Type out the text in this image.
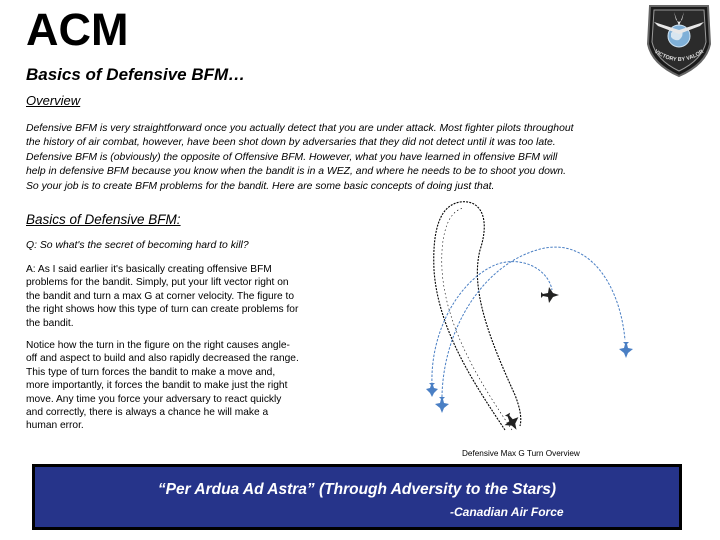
ACM
Basics of Defensive BFM…
VICTORY BY VALOR
Overview
Defensive BFM is very straightforward once you actually detect that you are under attack. Most fighter pilots throughout
the history of air combat, however, have been shot down by adversaries that they did not detect until it was too late.
Defensive BFM is (obviously) the opposite of Offensive BFM. However, what you have learned in offensive BFM will
help in defensive BFM because you know when the bandit is in a WEZ, and where he needs to be to shoot you down.
So your job is to create BFM problems for the bandit. Here are some basic concepts of doing just that.
Basics of Defensive BFM:
Q: So what's the secret of becoming hard to kill?

A: As I said earlier it's basically creating offensive BFM
problems for the bandit. Simply, put your lift vector right on
the bandit and turn a max G at corner velocity. The figure to
the right shows how this type of turn can create problems for
the bandit.

Notice how the turn in the figure on the right causes angle-
off and aspect to build and also rapidly decreased the range.
This type of turn forces the bandit to make a move and,
more importantly, it forces the bandit to make just the right
move. Any time you force your adversary to react quickly
and correctly, there is always a chance he will make a
human error.

Defensive Max G Turn Overview
“Per Ardua Ad Astra” (Through Adversity to the Stars)
-Canadian Air Force
